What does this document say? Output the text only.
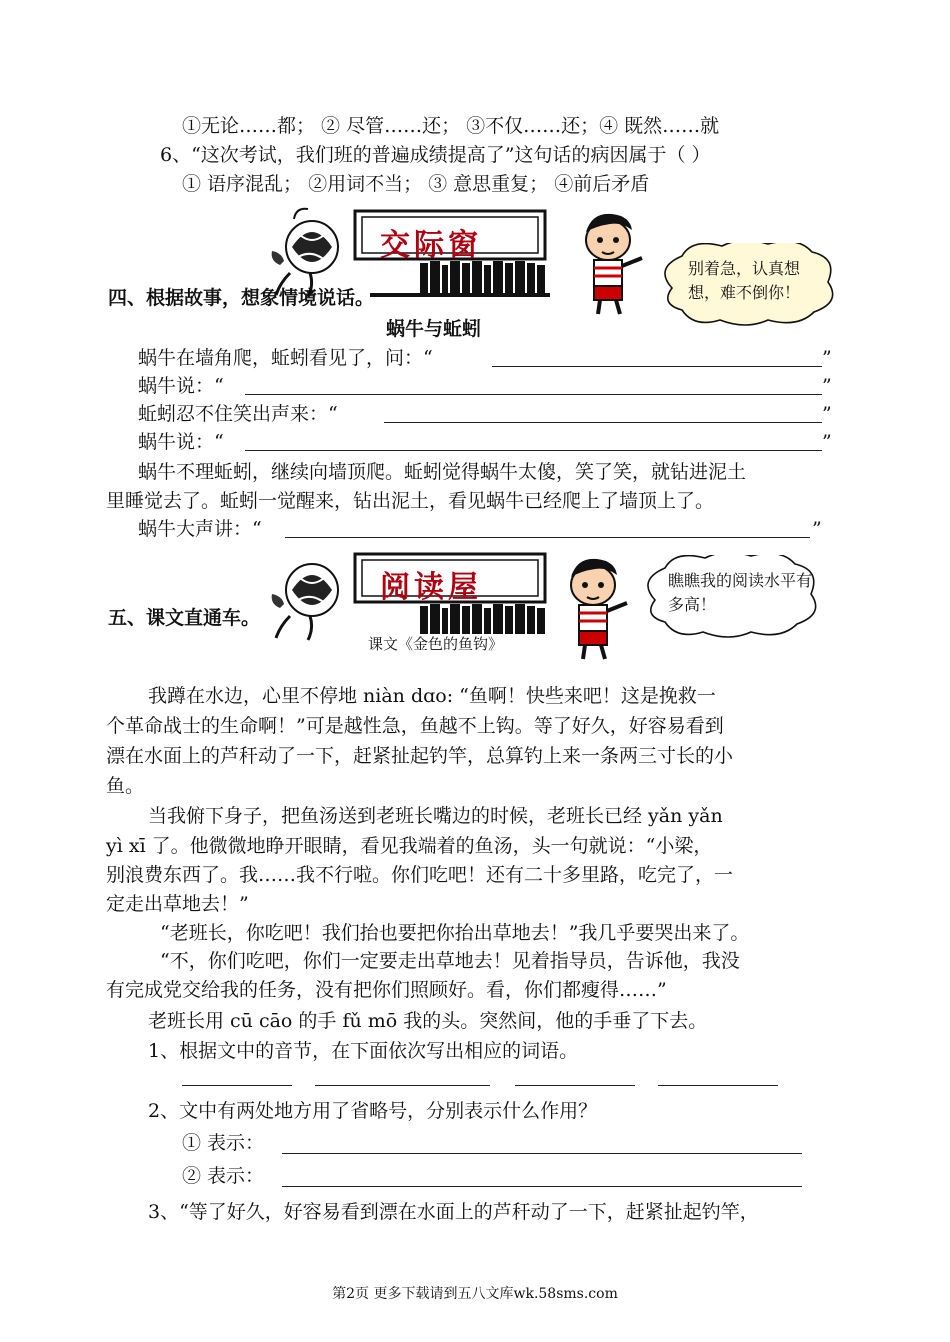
①无论……都； ② 尽管……还； ③不仅……还；④ 既然……就
6、“这次考试，我们班的普遍成绩提高了”这句话的病因属于（ ）
① 语序混乱； ②用词不当； ③ 意思重复； ④前后矛盾
交际窗
别着急，认真想想，难不倒你！
四、根据故事，想象情境说话。
蜗牛与蚯蚓
蜗牛在墙角爬，蚯蚓看见了，问：“	”
蜗牛说：“	”
蚯蚓忍不住笑出声来：“	”
蜗牛说：“	”
蜗牛不理蚯蚓，继续向墙顶爬。蚯蚓觉得蜗牛太傻，笑了笑，就钻进泥土
里睡觉去了。蚯蚓一觉醒来，钻出泥土，看见蜗牛已经爬上了墙顶上了。
蜗牛大声讲：“	”
阅读屋
课文《金色的鱼钩》
瞧瞧我的阅读水平有多高！
五、课文直通车。
我蹲在水边，心里不停地 niàn dɑo: “鱼啊！快些来吧！这是挽救一
个革命战士的生命啊！”可是越性急，鱼越不上钩。等了好久，好容易看到
漂在水面上的芦秆动了一下，赶紧扯起钓竿，总算钓上来一条两三寸长的小
鱼。
当我俯下身子，把鱼汤送到老班长嘴边的时候，老班长已经 yǎn yǎn
yì xī 了。他微微地睁开眼睛，看见我端着的鱼汤，头一句就说：“小梁，
别浪费东西了。我……我不行啦。你们吃吧！还有二十多里路，吃完了，一
定走出草地去！”
“老班长，你吃吧！我们抬也要把你抬出草地去！”我几乎要哭出来了。
“不，你们吃吧，你们一定要走出草地去！见着指导员，告诉他，我没
有完成党交给我的任务，没有把你们照顾好。看，你们都瘦得……”
老班长用 cū cāo 的手 fǔ mō 我的头。突然间，他的手垂了下去。
1、根据文中的音节，在下面依次写出相应的词语。
2、文中有两处地方用了省略号，分别表示什么作用？
① 表示：
② 表示：
3、“等了好久，好容易看到漂在水面上的芦秆动了一下，赶紧扯起钓竿，
第2页 更多下载请到五八文库wk.58sms.com
